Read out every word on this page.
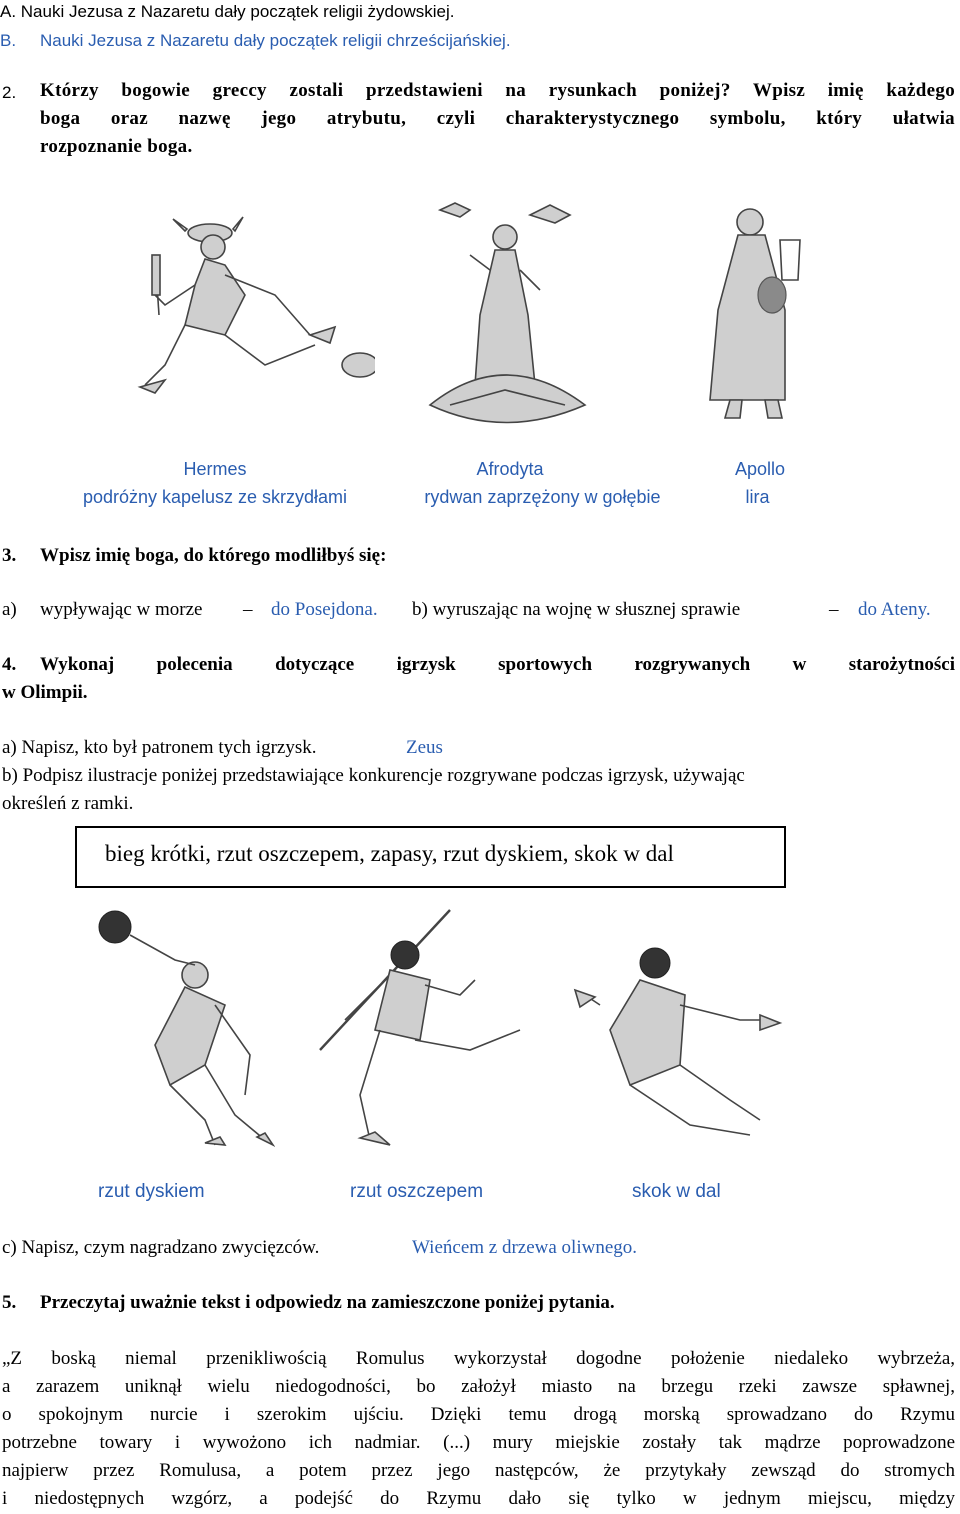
A. Nauki Jezusa z Nazaretu dały początek religii żydowskiej.
B. Nauki Jezusa z Nazaretu dały początek religii chrześcijańskiej.
2. Którzy bogowie greccy zostali przedstawieni na rysunkach poniżej? Wpisz imię każdego
boga oraz nazwę jego atrybutu, czyli charakterystycznego symbolu, który ułatwia
rozpoznanie boga.
Hermes
podróżny kapelusz ze skrzydłami
Afrodyta
rydwan zaprzężony w gołębie
Apollo
lira
3. Wpisz imię boga, do którego modliłbyś się:
a) wypływając w morze – do Posejdona. b) wyruszając na wojnę w słusznej sprawie	– do Ateny.
4. Wykonaj polecenia dotyczące igrzysk sportowych rozgrywanych w starożytności
w Olimpii.
a) Napisz, kto był patronem tych igrzysk.	Zeus
b) Podpisz ilustracje poniżej przedstawiające konkurencje rozgrywane podczas igrzysk, używając
określeń z ramki.
bieg krótki, rzut oszczepem, zapasy, rzut dyskiem, skok w dal
rzut dyskiem	rzut oszczepem	skok w dal
c) Napisz, czym nagradzano zwycięzców.	Wieńcem z drzewa oliwnego.
5. Przeczytaj uważnie tekst i odpowiedz na zamieszczone poniżej pytania.
„Z boską niemal przenikliwością Romulus wykorzystał dogodne położenie niedaleko wybrzeża,
a zarazem uniknął wielu niedogodności, bo założył miasto na brzegu rzeki zawsze spławnej,
o spokojnym nurcie i szerokim ujściu. Dzięki temu drogą morską sprowadzano do Rzymu
potrzebne towary i wywożono ich nadmiar. (...) mury miejskie zostały tak mądrze poprowadzone
najpierw przez Romulusa, a potem przez jego następców, że przytykały zewsząd do stromych
i niedostępnych wzgórz, a podejść do Rzymu dało się tylko w jednym miejscu, między
